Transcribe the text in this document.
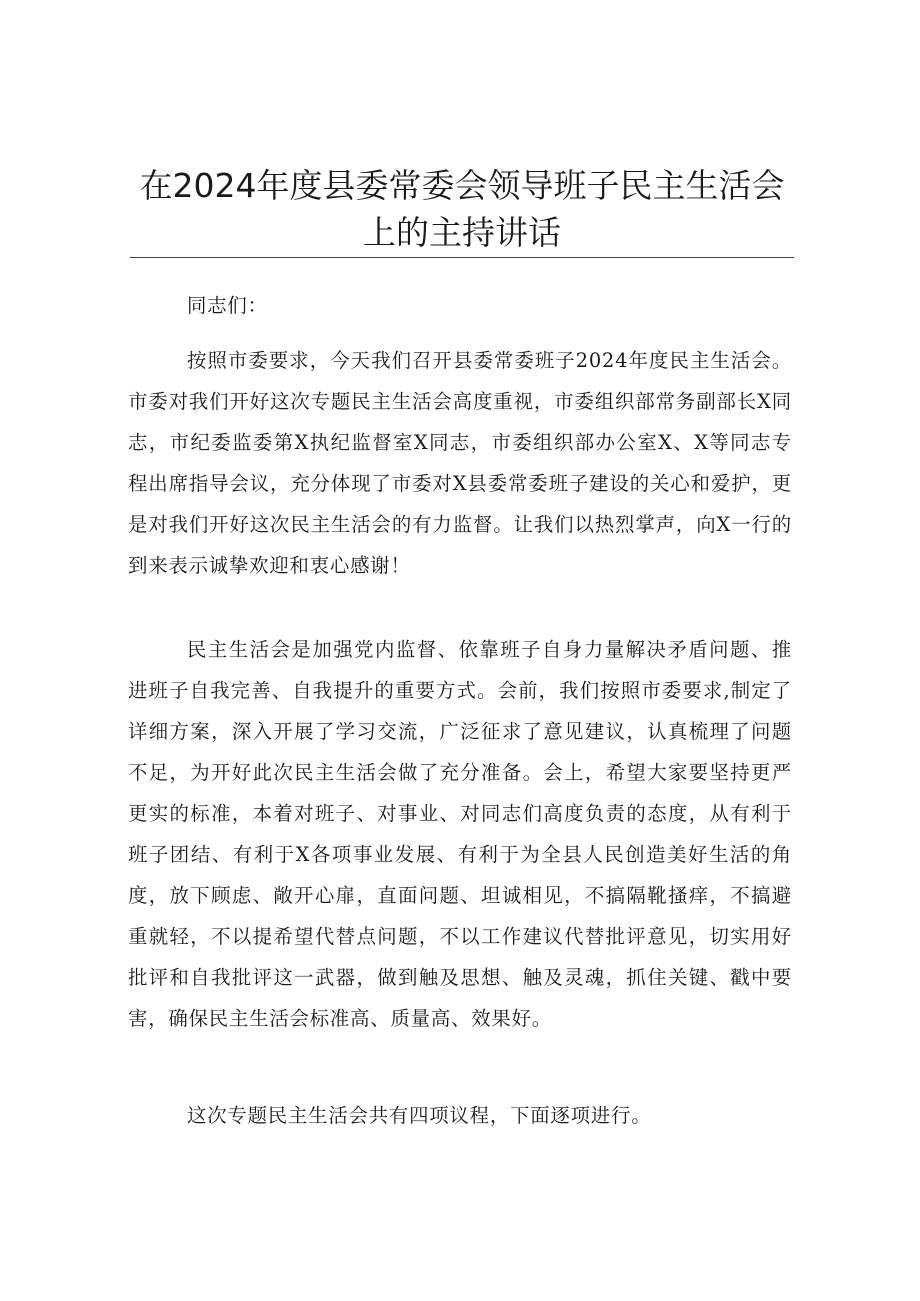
在2024年度县委常委会领导班子民主生活会
上的主持讲话

同志们：

按照市委要求，今天我们召开县委常委班子2024年度民主生活会。市委对我们开好这次专题民主生活会高度重视，市委组织部常务副部长X同志，市纪委监委第X执纪监督室X同志，市委组织部办公室X、X等同志专程出席指导会议，充分体现了市委对X县委常委班子建设的关心和爱护，更是对我们开好这次民主生活会的有力监督。让我们以热烈掌声，向X一行的到来表示诚挚欢迎和衷心感谢！

民主生活会是加强党内监督、依靠班子自身力量解决矛盾问题、推进班子自我完善、自我提升的重要方式。会前，我们按照市委要求,制定了详细方案，深入开展了学习交流，广泛征求了意见建议，认真梳理了问题不足，为开好此次民主生活会做了充分准备。会上，希望大家要坚持更严更实的标准，本着对班子、对事业、对同志们高度负责的态度，从有利于班子团结、有利于X各项事业发展、有利于为全县人民创造美好生活的角度，放下顾虑、敞开心扉，直面问题、坦诚相见，不搞隔靴搔痒，不搞避重就轻，不以提希望代替点问题，不以工作建议代替批评意见，切实用好批评和自我批评这一武器，做到触及思想、触及灵魂，抓住关键、戳中要害，确保民主生活会标准高、质量高、效果好。

这次专题民主生活会共有四项议程，下面逐项进行。
